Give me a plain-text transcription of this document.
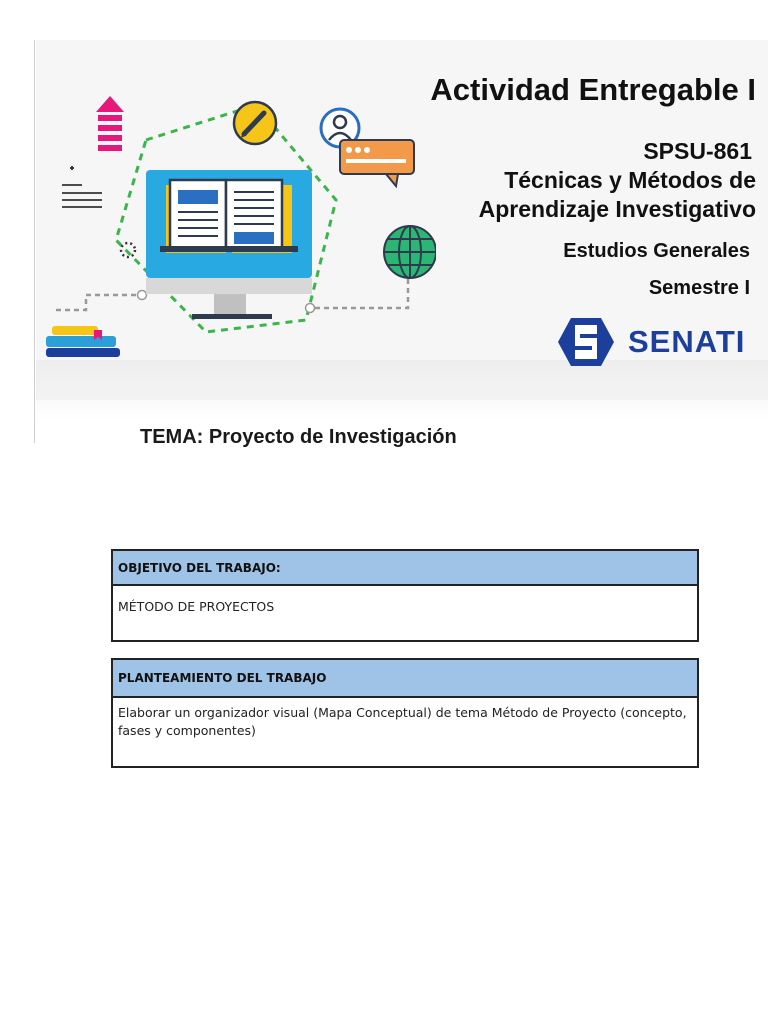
Actividad Entregable I
SPSU-861
Técnicas y Métodos de
Aprendizaje Investigativo
Estudios Generales
Semestre I
SENATI
TEMA: Proyecto de Investigación
OBJETIVO DEL TRABAJO:
MÉTODO DE PROYECTOS
PLANTEAMIENTO DEL TRABAJO
Elaborar un organizador visual (Mapa Conceptual) de tema Método de Proyecto (concepto, fases y componentes)
